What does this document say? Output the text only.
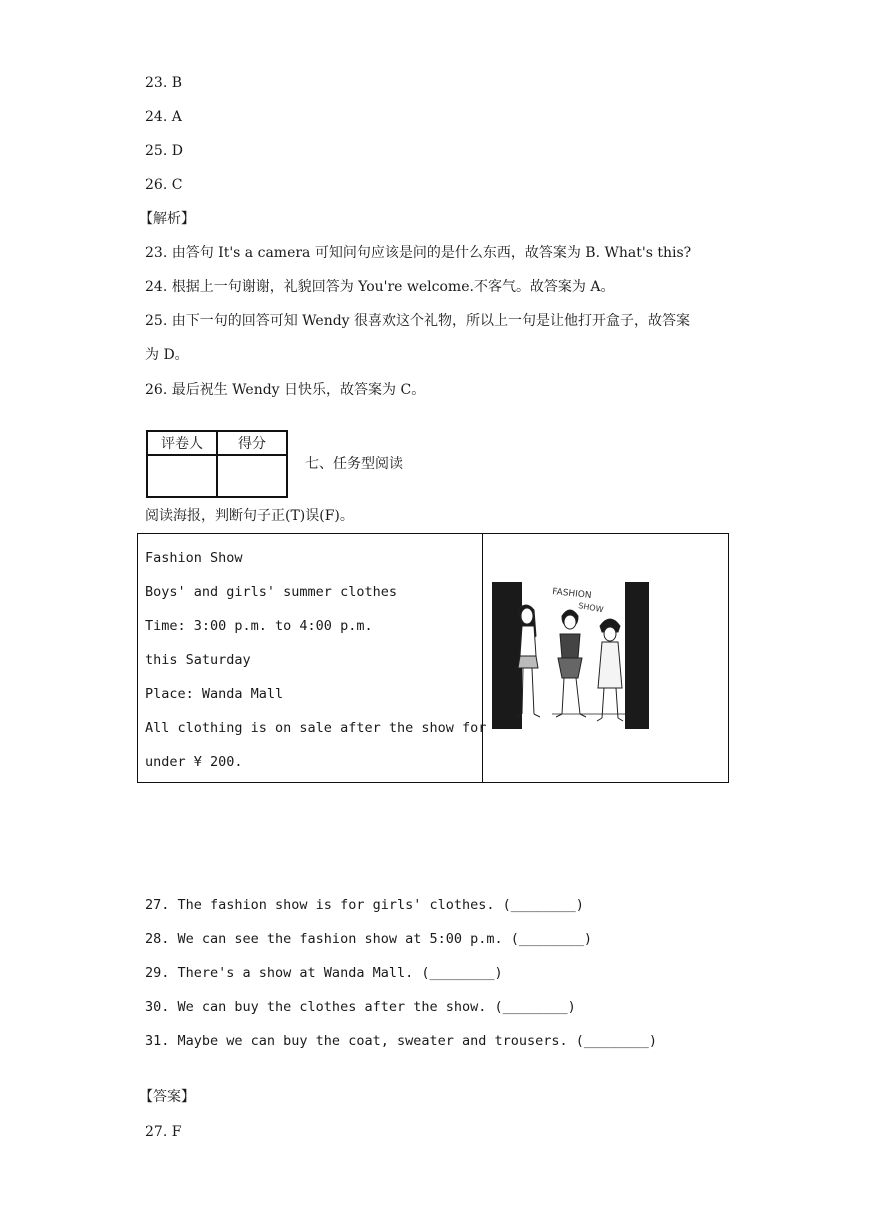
23. B
24. A
25. D
26. C
【解析】
23. 由答句 It's a camera 可知问句应该是问的是什么东西，故答案为 B. What's this?
24. 根据上一句谢谢，礼貌回答为 You're welcome.不客气。故答案为 A。
25. 由下一句的回答可知 Wendy 很喜欢这个礼物，所以上一句是让他打开盒子，故答案
为 D。
26. 最后祝生 Wendy 日快乐，故答案为 C。
评卷人	得分

七、任务型阅读
阅读海报，判断句子正(T)误(F)。
Fashion Show
Boys' and girls' summer clothes
Time: 3:00 p.m. to 4:00 p.m.
this Saturday
Place: Wanda Mall
All clothing is on sale after the show for
under ¥ 200.
FASHION
SHOW
27. The fashion show is for girls' clothes. (________)
28. We can see the fashion show at 5:00 p.m. (________)
29. There's a show at Wanda Mall. (________)
30. We can buy the clothes after the show. (________)
31. Maybe we can buy the coat, sweater and trousers. (________)
【答案】
27. F
